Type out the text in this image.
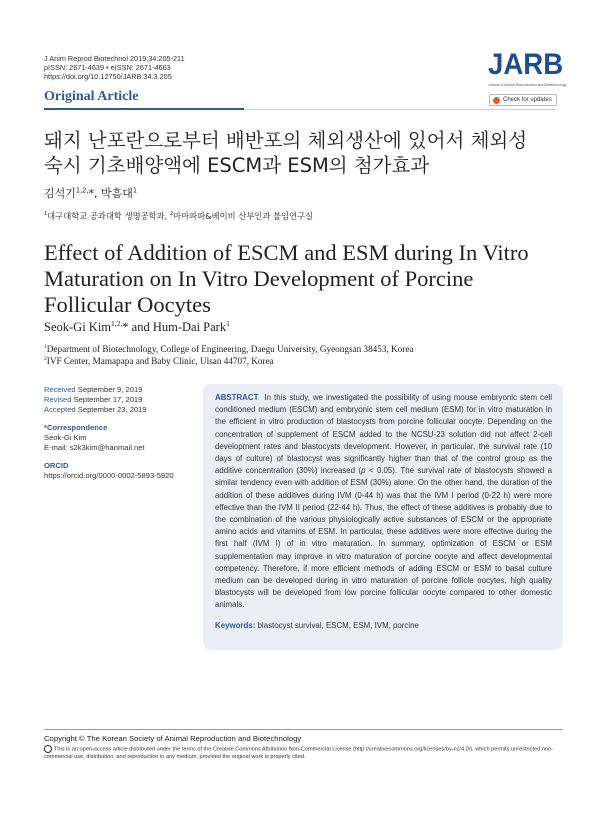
J Anim Reprod Biotechnol 2019;34:205-211
pISSN: 2671-4639 • eISSN: 2671-4663
https://doi.org/10.12750/JARB.34.3.205
Original Article
JARB
Journal of Animal Reproduction and Biotechnology
Check for updates
돼지 난포란으로부터 배반포의 체외생산에 있어서 체외성
숙시 기초배양액에 ESCM과 ESM의 첨가효과
김석기$^{1,2,}$*, 박흠대$^1$
$^1$대구대학교 공과대학 생명공학과, $^2$마마파파&베이비 산부인과 불임연구실
Effect of Addition of ESCM and ESM during In Vitro
Maturation on In Vitro Development of Porcine
Follicular Oocytes
Seok-Gi Kim$^{1,2,}$* and Hum-Dai Park$^1$
$^1$Department of Biotechnology, College of Engineering, Daegu University, Gyeongsan 38453, Korea
$^2$IVF Center, Mamapapa and Baby Clinic, Ulsan 44707, Korea
Received September 9, 2019
Revised September 17, 2019
Accepted September 23, 2019
*Correspondence
Seok-Gi Kim
E-mail: s2k3kim@hanmail.net
ORCID
https://orcid.org/0000-0002-5893-5920
ABSTRACT In this study, we investigated the possibility of using mouse embryonic stem cell conditioned medium (ESCM) and embryonic stem cell medium (ESM) for in vitro maturation in the efficient in vitro production of blastocysts from porcine follicular oocyte. Depending on the concentration of supplement of ESCM added to the NCSU-23 solution did not affect 2-cell development rates and blastocysts development. However, in particular, the survival rate (10 days of culture) of blastocyst was significantly higher than that of the control group as the additive concentration (30%) increased (p < 0.05). The survival rate of blastocysts showed a similar tendency even with addition of ESM (30%) alone. On the other hand, the duration of the addition of these additives during IVM (0-44 h) was that the IVM I period (0-22 h) were more effective than the IVM II period (22-44 h). Thus, the effect of these additives is probably due to the combination of the various physiologically active substances of ESCM or the appropriate amino acids and vitamins of ESM. In particular, these additives were more effective during the first half (IVM I) of in vitro maturation. In summary, optimization of ESCM or ESM supplementation may improve in vitro maturation of porcine oocyte and affect developmental competency. Therefore, if more efficient methods of adding ESCM or ESM to basal culture medium can be developed during in vitro maturation of porcine follicle oocytes, high quality blastocysts will be developed from low porcine follicular oocyte compared to other domestic animals.
Keywords: blastocyst survival, ESCM, ESM, IVM, porcine
Copyright © The Korean Society of Animal Reproduction and Biotechnology
This is an open-access article distributed under the terms of the Creative Commons Attribution Non-Commercial License (http://creativecommons.org/licenses/by-nc/4.0/), which permits unrestricted non-commercial use, distribution, and reproduction in any medium, provided the original work is properly cited.
